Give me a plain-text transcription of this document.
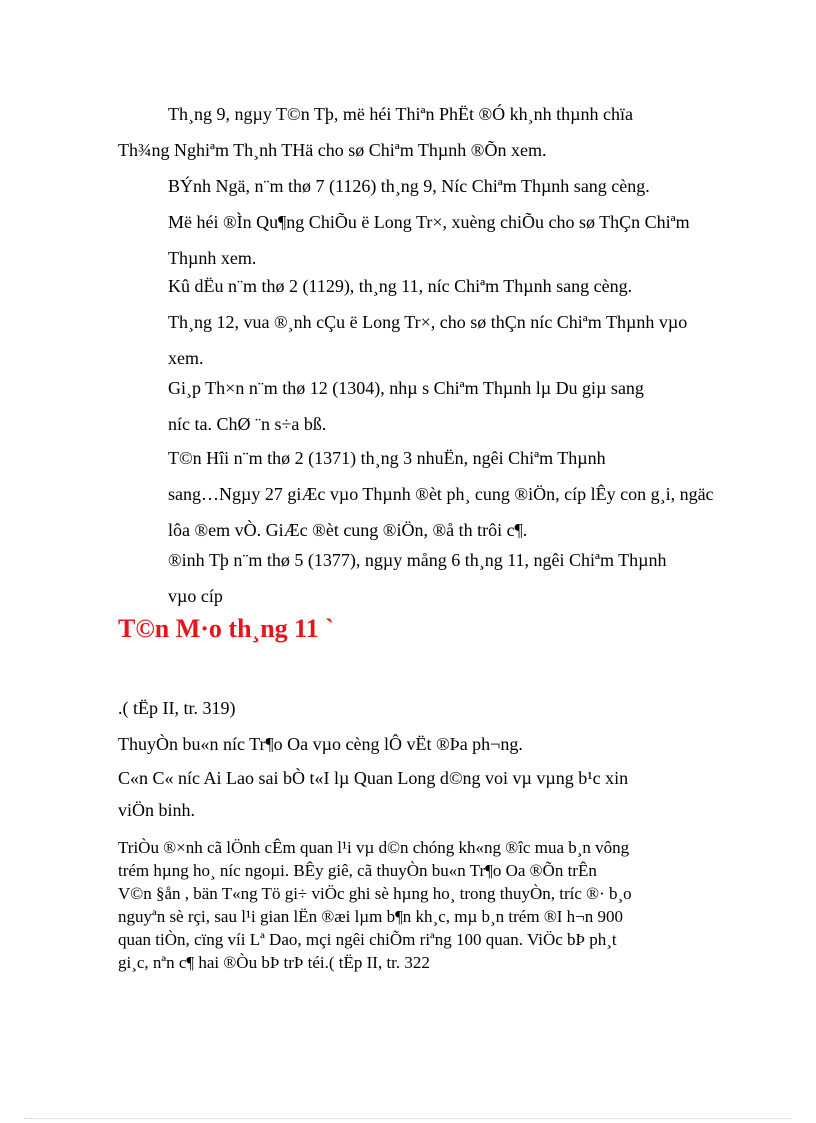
Th¸ng 9, ngµy T©n Tþ, më héi Thiªn PhËt ®Ó kh¸nh thµnh chïa
Th¾ng Nghiªm Th¸nh THä cho sø Chiªm Thµnh ®Õn xem.

BÝnh Ngä, n¨m thø 7 (1126) th¸ng 9, Níc Chiªm Thµnh sang cèng.
Më héi ®Ìn Qu¶ng ChiÕu ë Long Tr×, xuèng chiÕu cho sø ThÇn Chiªm
Thµnh xem.

Kû dËu n¨m thø 2 (1129), th¸ng 11, níc Chiªm Thµnh sang cèng.
Th¸ng 12, vua ®¸nh cÇu ë Long Tr×, cho sø thÇn níc Chiªm Thµnh vµo
xem.

Gi¸p Th×n n¨m thø 12 (1304), nhµ s Chiªm Thµnh lµ Du giµ sang
níc ta. ChØ ¨n s÷a bß.

T©n Hîi n¨m thø 2 (1371) th¸ng 3 nhuËn, ngêi Chiªm Thµnh
sang…Ngµy 27 giÆc vµo Thµnh ®èt ph¸ cung ®iÖn, cíp lÊy con g¸i, ngäc
lôa ®em vÒ. GiÆc ®èt cung ®iÖn, ®å th trôi c¶.

®inh Tþ n¨m thø 5 (1377), ngµy mång 6 th¸ng 11, ngêi Chiªm Thµnh
vµo cíp

T©n M·o th¸ng 11 `

.( tËp II, tr. 319)

ThuyÒn bu«n níc Tr¶o Oa vµo cèng lÔ vËt ®Þa ph¬ng.

C«n C« níc Ai Lao sai bÒ t«I lµ Quan Long d©ng voi vµ vµng b¹c xin
viÖn binh.

TriÒu ®×nh cã lÖnh cÊm quan l¹i vµ d©n chóng kh«ng ®îc mua b¸n vông
trém hµng ho¸ níc ngoµi. BÊy giê, cã thuyÒn bu«n Tr¶o Oa ®Õn trÊn
V©n §ån , bän T«ng Tö gi÷ viÖc ghi sè hµng ho¸ trong thuyÒn, tríc ®· b¸o
nguyªn sè rçi, sau l¹i gian lËn ®æi lµm b¶n kh¸c, mµ b¸n trém ®I h¬n 900
quan tiÒn, cïng víi Lª Dao, mçi ngêi chiÕm riªng 100 quan. ViÖc bÞ ph¸t
gi¸c, nªn c¶ hai ®Òu bÞ trÞ téi.( tËp II, tr. 322
